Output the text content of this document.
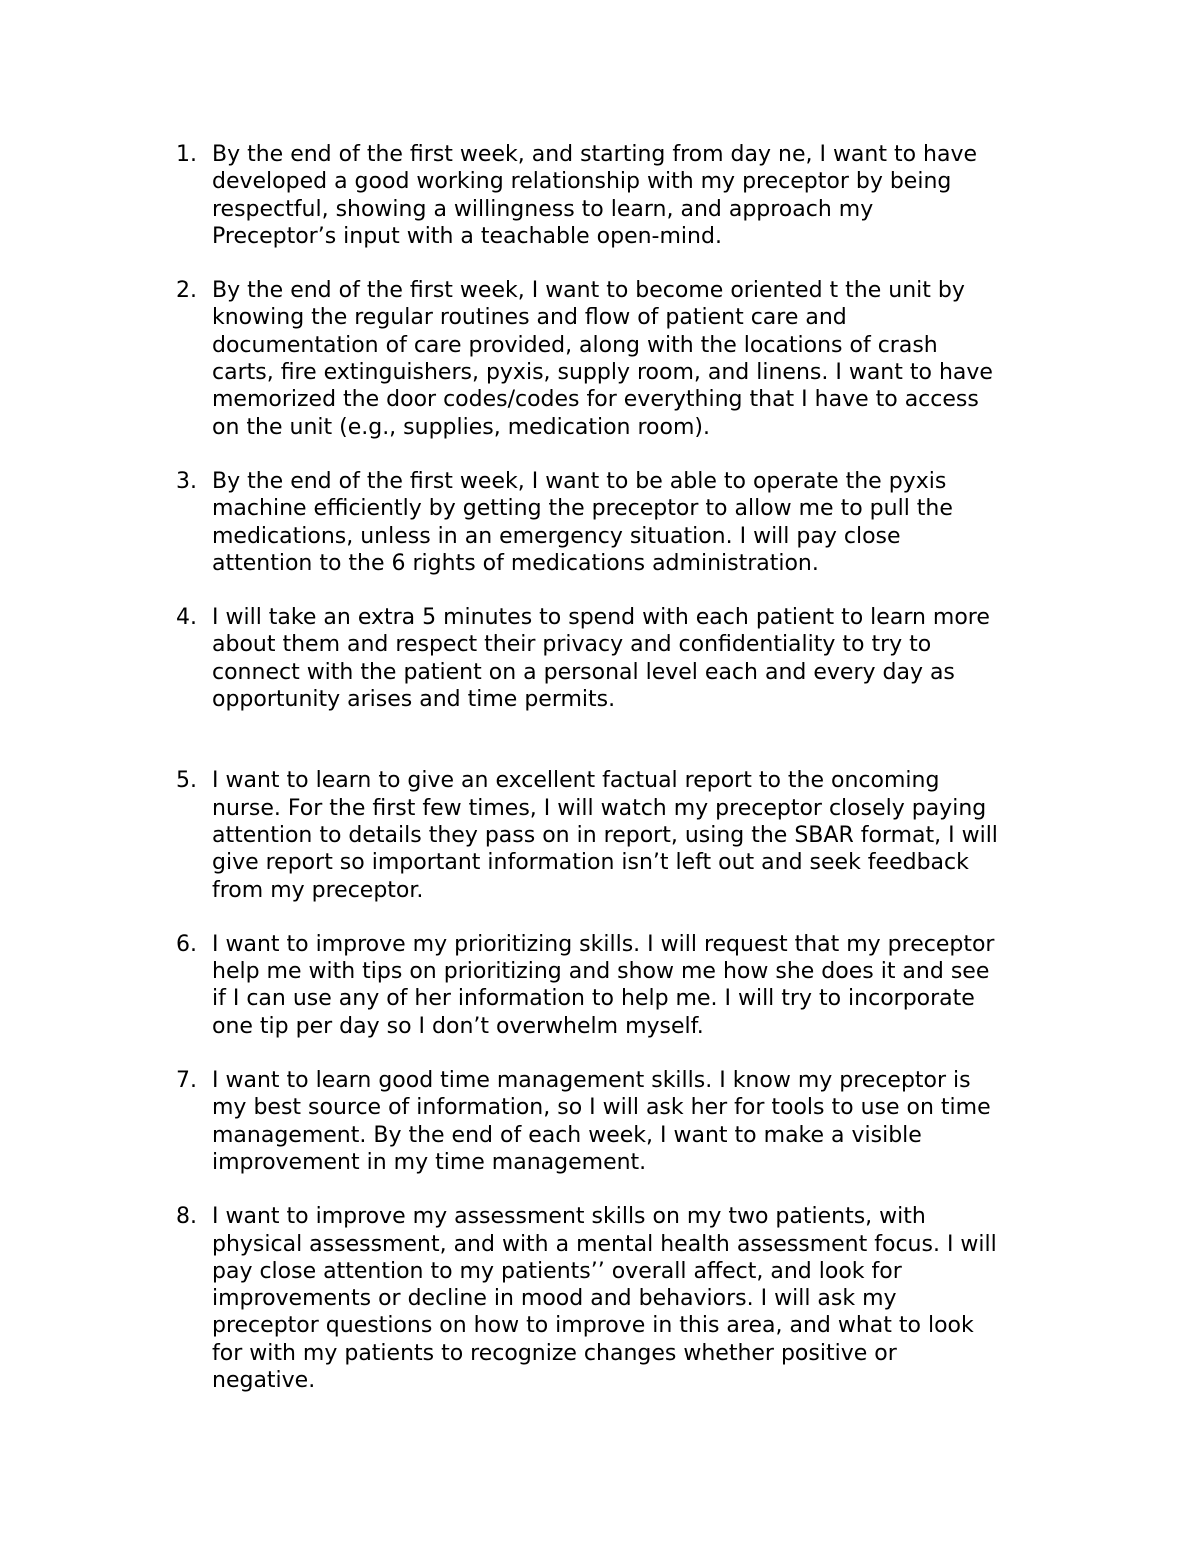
1. By the end of the first week, and starting from day ne, I want to have
developed a good working relationship with my preceptor by being
respectful, showing a willingness to learn, and approach my
Preceptor’s input with a teachable open-mind.
2. By the end of the first week, I want to become oriented t the unit by
knowing the regular routines and flow of patient care and
documentation of care provided, along with the locations of crash
carts, fire extinguishers, pyxis, supply room, and linens. I want to have
memorized the door codes/codes for everything that I have to access
on the unit (e.g., supplies, medication room).
3. By the end of the first week, I want to be able to operate the pyxis
machine efficiently by getting the preceptor to allow me to pull the
medications, unless in an emergency situation. I will pay close
attention to the 6 rights of medications administration.
4. I will take an extra 5 minutes to spend with each patient to learn more
about them and respect their privacy and confidentiality to try to
connect with the patient on a personal level each and every day as
opportunity arises and time permits.
5. I want to learn to give an excellent factual report to the oncoming
nurse. For the first few times, I will watch my preceptor closely paying
attention to details they pass on in report, using the SBAR format, I will
give report so important information isn’t left out and seek feedback
from my preceptor.
6. I want to improve my prioritizing skills. I will request that my preceptor
help me with tips on prioritizing and show me how she does it and see
if I can use any of her information to help me. I will try to incorporate
one tip per day so I don’t overwhelm myself.
7. I want to learn good time management skills. I know my preceptor is
my best source of information, so I will ask her for tools to use on time
management. By the end of each week, I want to make a visible
improvement in my time management.
8. I want to improve my assessment skills on my two patients, with
physical assessment, and with a mental health assessment focus. I will
pay close attention to my patients’’ overall affect, and look for
improvements or decline in mood and behaviors. I will ask my
preceptor questions on how to improve in this area, and what to look
for with my patients to recognize changes whether positive or
negative.
